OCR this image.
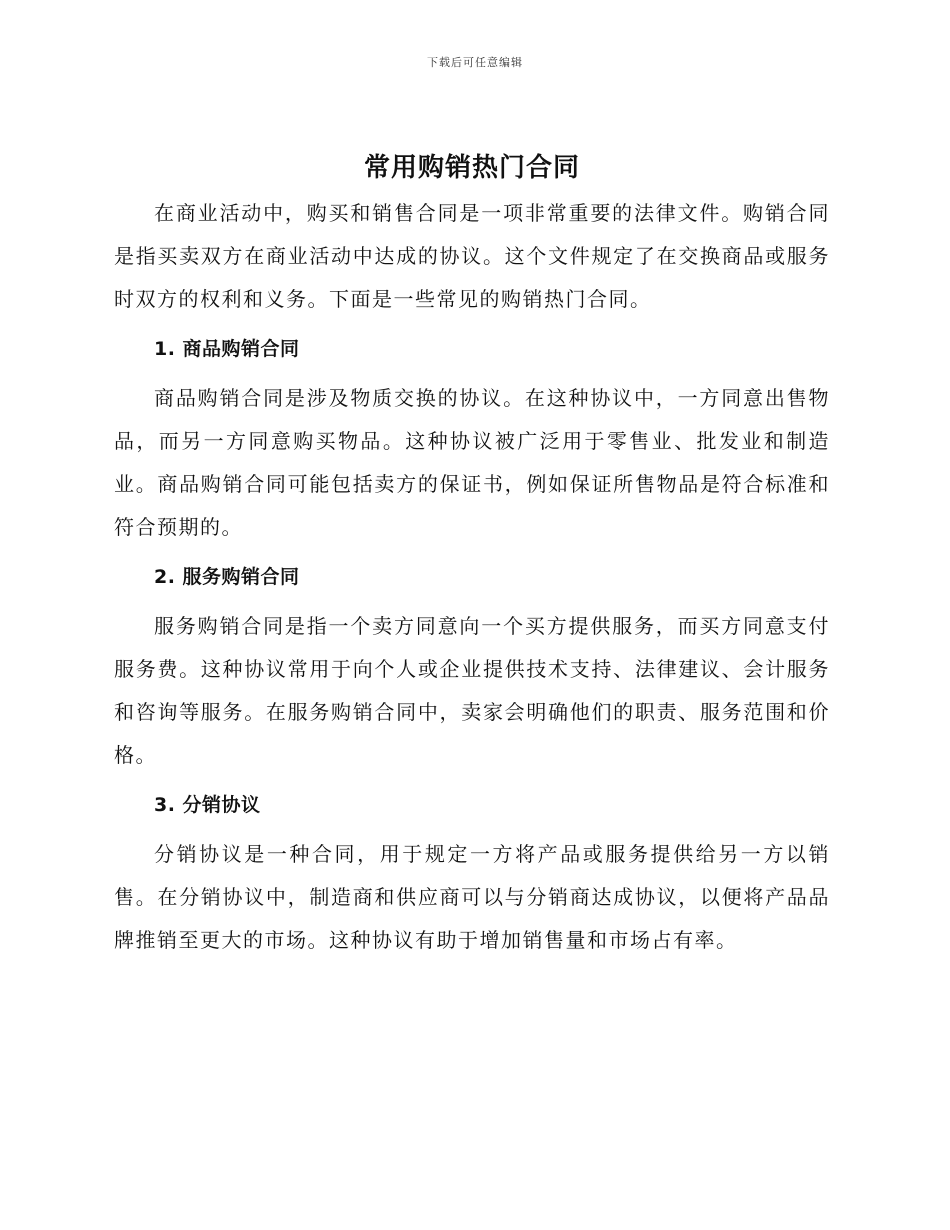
下载后可任意编辑
常用购销热门合同

在商业活动中，购买和销售合同是一项非常重要的法律文件。购销合同是指买卖双方在商业活动中达成的协议。这个文件规定了在交换商品或服务时双方的权利和义务。下面是一些常见的购销热门合同。

1. 商品购销合同

商品购销合同是涉及物质交换的协议。在这种协议中，一方同意出售物品，而另一方同意购买物品。这种协议被广泛用于零售业、批发业和制造业。商品购销合同可能包括卖方的保证书，例如保证所售物品是符合标准和符合预期的。

2. 服务购销合同

服务购销合同是指一个卖方同意向一个买方提供服务，而买方同意支付服务费。这种协议常用于向个人或企业提供技术支持、法律建议、会计服务和咨询等服务。在服务购销合同中，卖家会明确他们的职责、服务范围和价格。

3. 分销协议

分销协议是一种合同，用于规定一方将产品或服务提供给另一方以销售。在分销协议中，制造商和供应商可以与分销商达成协议，以便将产品品牌推销至更大的市场。这种协议有助于增加销售量和市场占有率。
